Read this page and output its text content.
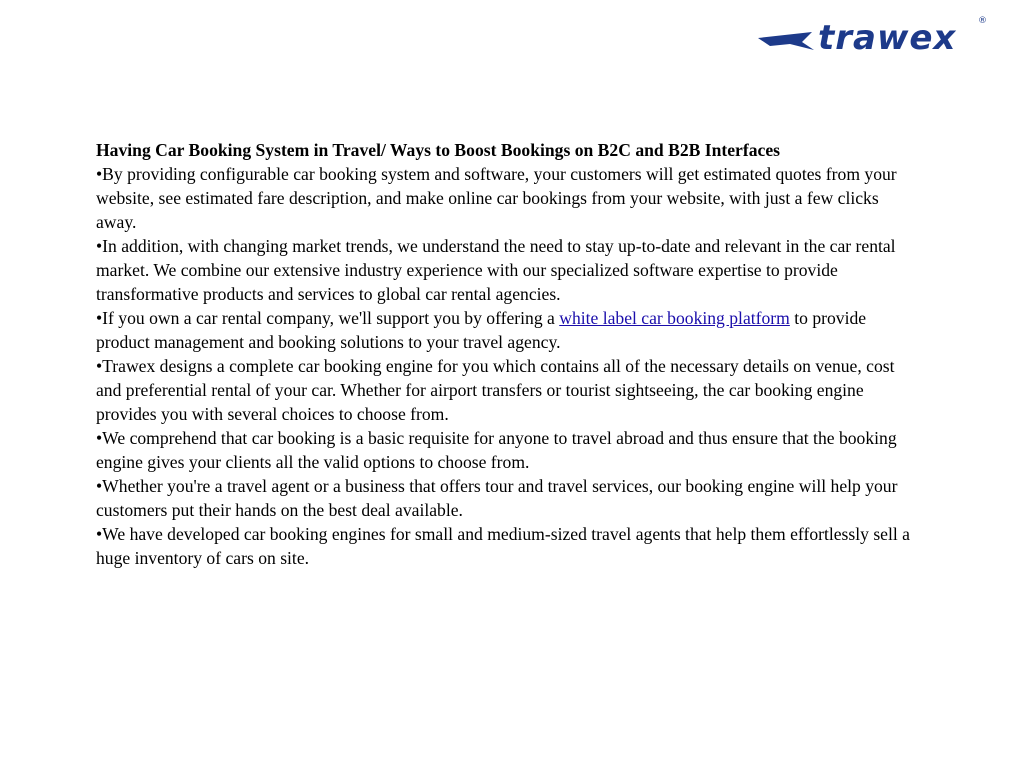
trawex ®

Having Car Booking System in Travel/ Ways to Boost Bookings on B2C and B2B Interfaces

•By providing configurable car booking system and software, your customers will get estimated quotes from your website, see estimated fare description, and make online car bookings from your website, with just a few clicks away.

•In addition, with changing market trends, we understand the need to stay up-to-date and relevant in the car rental market. We combine our extensive industry experience with our specialized software expertise to provide transformative products and services to global car rental agencies.

•If you own a car rental company, we'll support you by offering a white label car booking platform to provide product management and booking solutions to your travel agency.

•Trawex designs a complete car booking engine for you which contains all of the necessary details on venue, cost and preferential rental of your car. Whether for airport transfers or tourist sightseeing, the car booking engine provides you with several choices to choose from.

•We comprehend that car booking is a basic requisite for anyone to travel abroad and thus ensure that the booking engine gives your clients all the valid options to choose from.

•Whether you're a travel agent or a business that offers tour and travel services, our booking engine will help your customers put their hands on the best deal available.

•We have developed car booking engines for small and medium-sized travel agents that help them effortlessly sell a huge inventory of cars on site.
